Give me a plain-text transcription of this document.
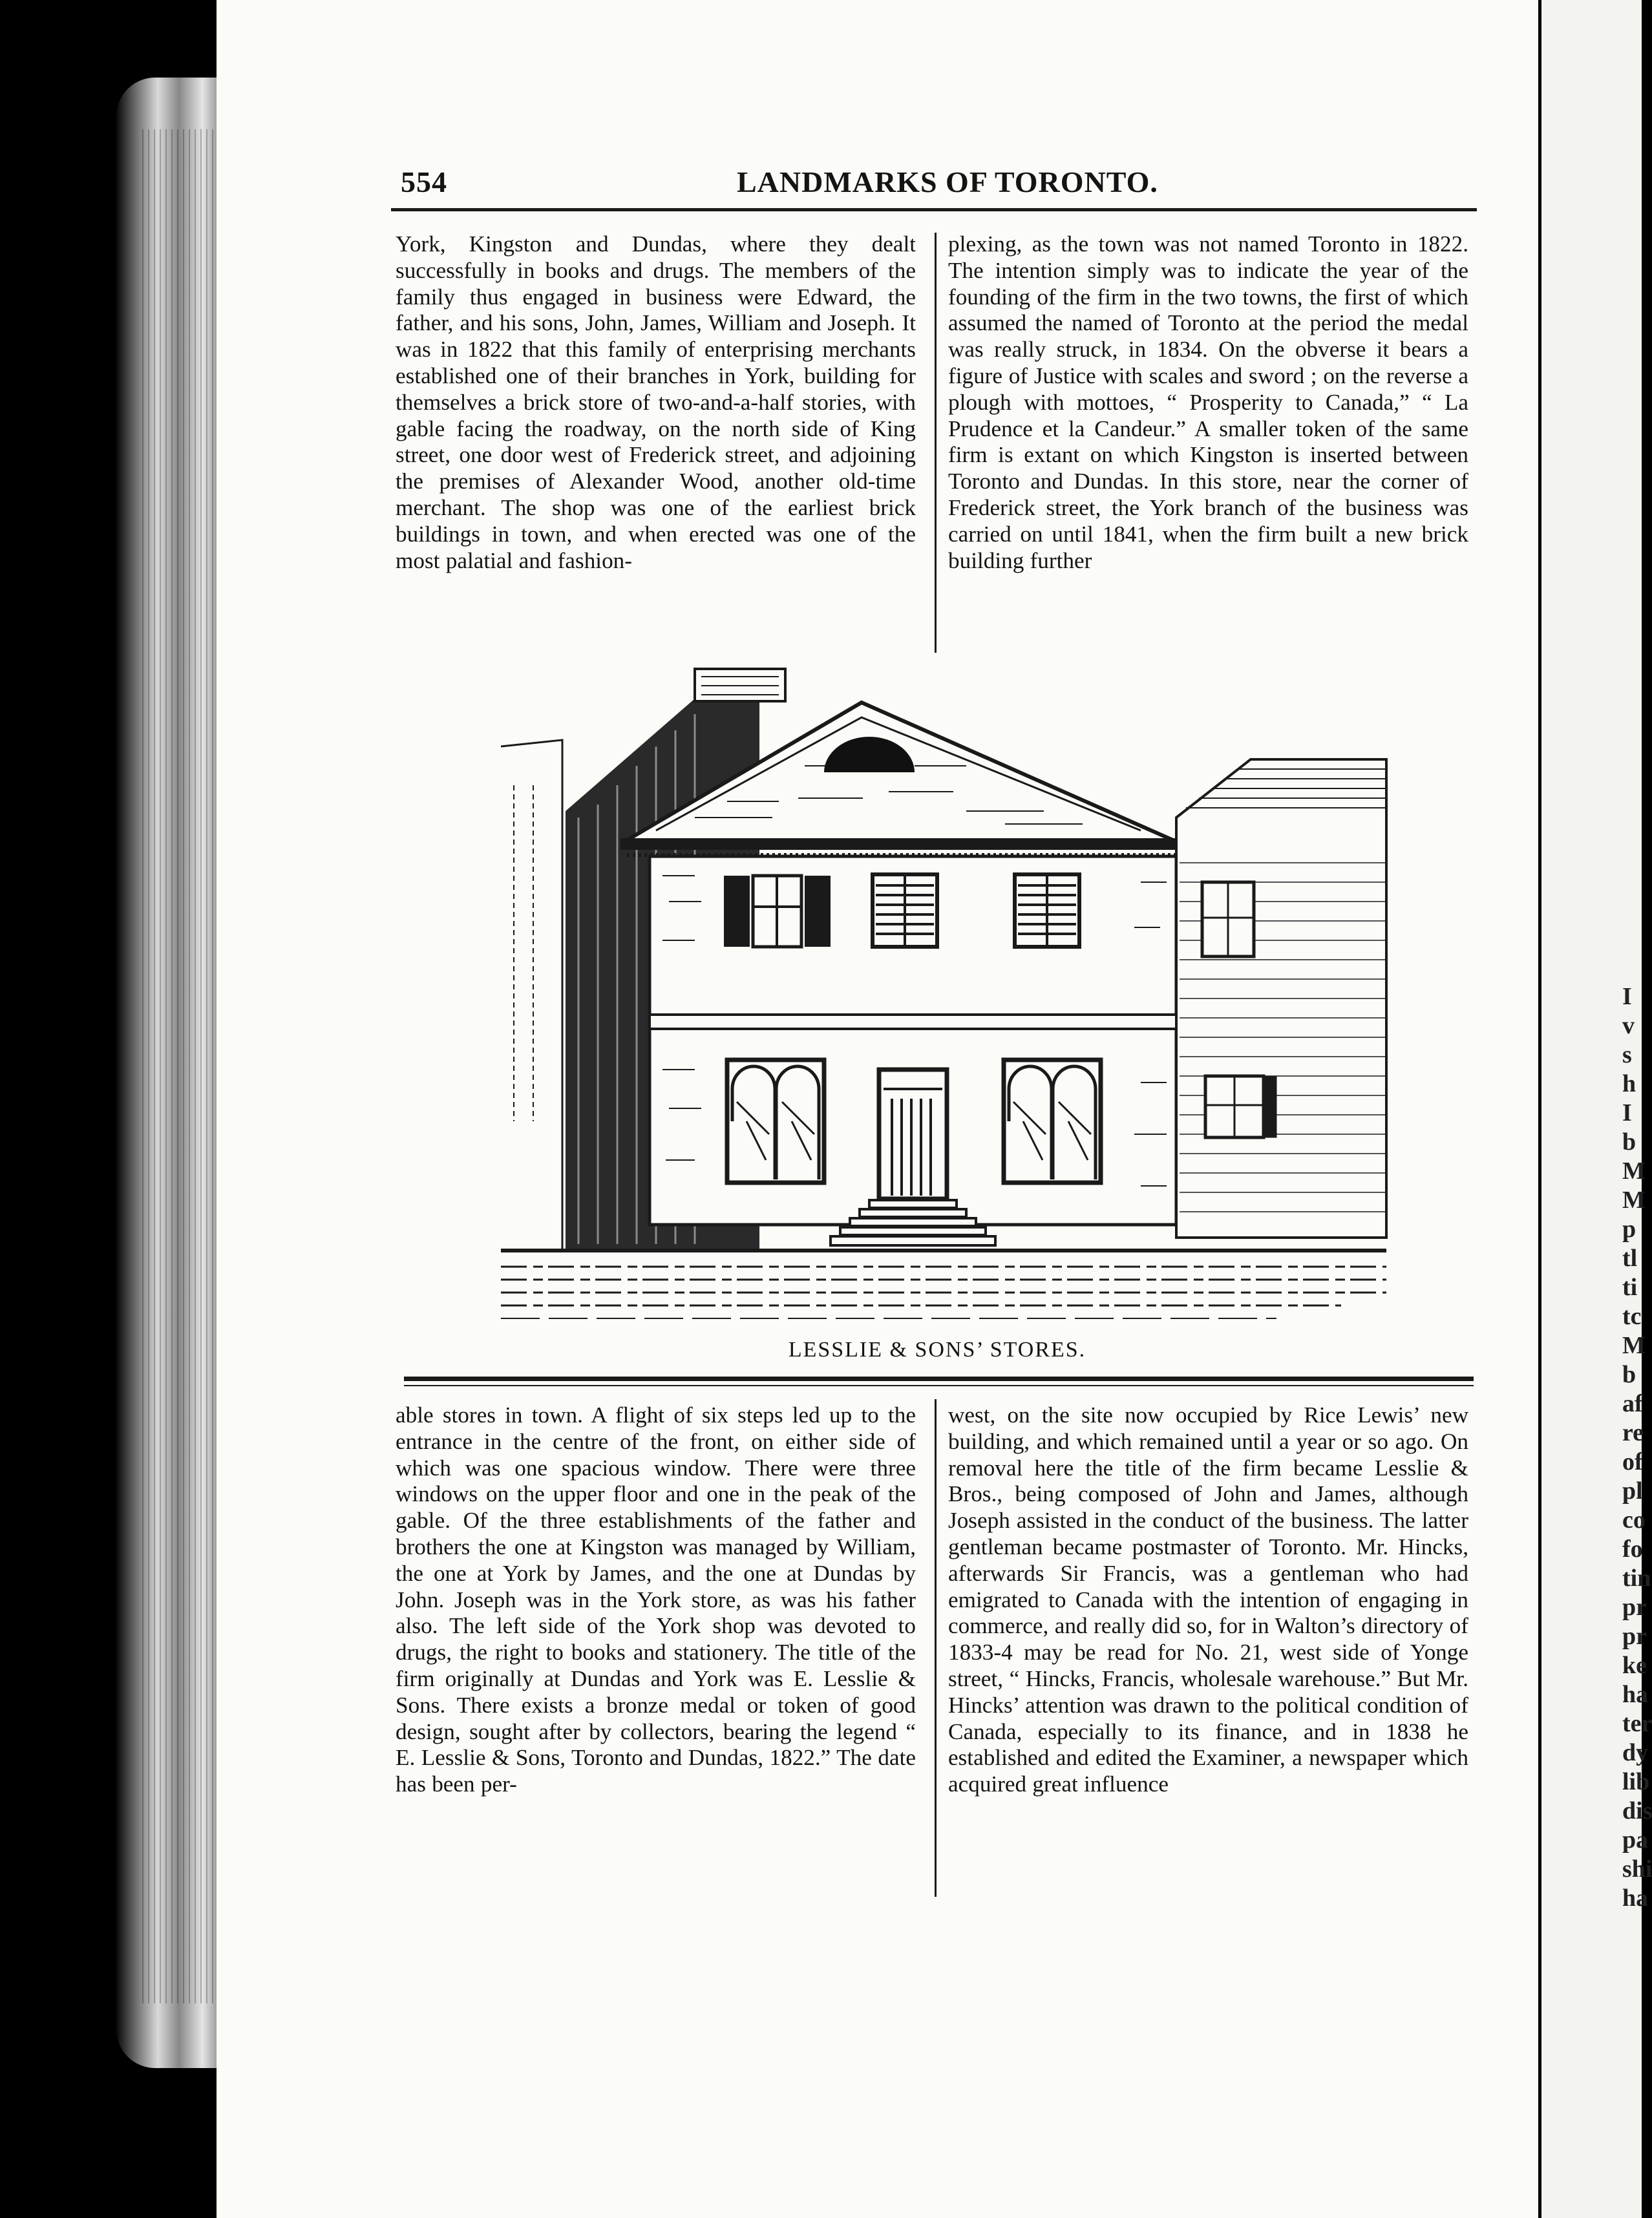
I
v
s
h
I
b
M
M
p
tl
ti
tc
M
b
af
re
of
pl
co
fo
tin
pr
pr
ke
ha
ter
dy
lib
dis
pa
shi
ha
554	LANDMARKS OF TORONTO.

York, Kingston and Dundas, where they dealt successfully in books and drugs. The members of the family thus engaged in business were Edward, the father, and his sons, John, James, William and Joseph. It was in 1822 that this family of enterprising merchants established one of their branches in York, building for themselves a brick store of two-and-a-half stories, with gable facing the roadway, on the north side of King street, one door west of Frederick street, and adjoining the premises of Alexander Wood, another old-time merchant. The shop was one of the earliest brick buildings in town, and when erected was one of the most palatial and fashion-

plexing, as the town was not named Toronto in 1822. The intention simply was to indicate the year of the founding of the firm in the two towns, the first of which assumed the named of Toronto at the period the medal was really struck, in 1834. On the obverse it bears a figure of Justice with scales and sword ; on the reverse a plough with mottoes, “ Prosperity to Canada,” “ La Prudence et la Candeur.” A smaller token of the same firm is extant on which Kingston is inserted between Toronto and Dundas. In this store, near the corner of Frederick street, the York branch of the business was carried on until 1841, when the firm built a new brick building further

LESSLIE & SONS’ STORES.

able stores in town. A flight of six steps led up to the entrance in the centre of the front, on either side of which was one spacious window. There were three windows on the upper floor and one in the peak of the gable. Of the three establishments of the father and brothers the one at Kingston was managed by William, the one at York by James, and the one at Dundas by John. Joseph was in the York store, as was his father also. The left side of the York shop was devoted to drugs, the right to books and stationery. The title of the firm originally at Dundas and York was E. Lesslie & Sons. There exists a bronze medal or token of good design, sought after by collectors, bearing the legend “ E. Lesslie & Sons, Toronto and Dundas, 1822.” The date has been per-

west, on the site now occupied by Rice Lewis’ new building, and which remained until a year or so ago. On removal here the title of the firm became Lesslie & Bros., being composed of John and James, although Joseph assisted in the conduct of the business. The latter gentleman became postmaster of Toronto. Mr. Hincks, afterwards Sir Francis, was a gentleman who had emigrated to Canada with the intention of engaging in commerce, and really did so, for in Walton’s directory of 1833-4 may be read for No. 21, west side of Yonge street, “ Hincks, Francis, wholesale warehouse.” But Mr. Hincks’ attention was drawn to the political condition of Canada, especially to its finance, and in 1838 he established and edited the Examiner, a newspaper which acquired great influence
